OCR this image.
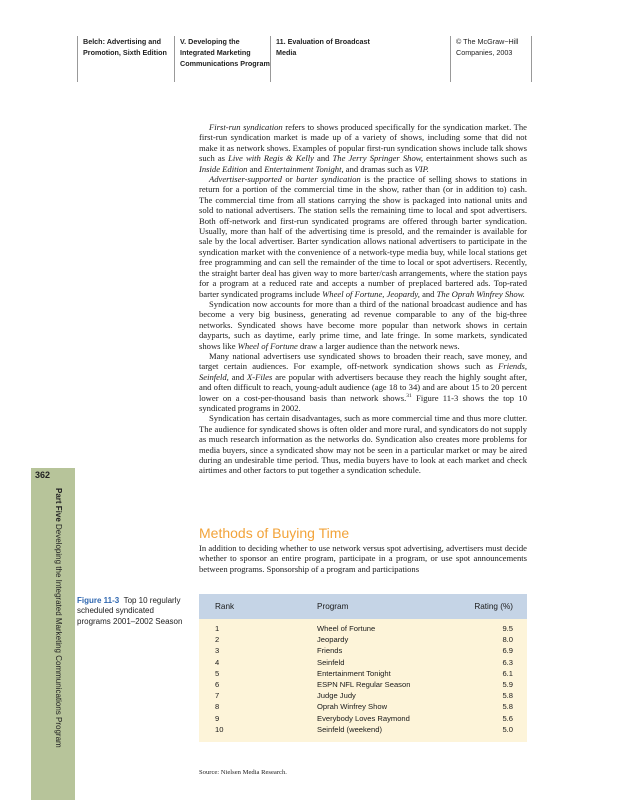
Belch: Advertising and
Promotion, Sixth Edition
V. Developing the
Integrated Marketing
Communications Program
11. Evaluation of Broadcast
Media
© The McGraw−Hill
Companies, 2003
362
Part Five Developing the Integrated Marketing Communications Program

First-run syndication refers to shows produced specifically for the syndication market. The first-run syndication market is made up of a variety of shows, including some that did not make it as network shows. Examples of popular first-run syndication shows include talk shows such as Live with Regis & Kelly and The Jerry Springer Show, entertainment shows such as Inside Edition and Entertainment Tonight, and dramas such as VIP.

Advertiser-supported or barter syndication is the practice of selling shows to stations in return for a portion of the commercial time in the show, rather than (or in addition to) cash. The commercial time from all stations carrying the show is packaged into national units and sold to national advertisers. The station sells the remaining time to local and spot advertisers. Both off-network and first-run syndicated programs are offered through barter syndication. Usually, more than half of the advertising time is presold, and the remainder is available for sale by the local advertiser. Barter syndication allows national advertisers to participate in the syndication market with the convenience of a network-type media buy, while local stations get free programming and can sell the remainder of the time to local or spot advertisers. Recently, the straight barter deal has given way to more barter/cash arrangements, where the station pays for a program at a reduced rate and accepts a number of preplaced bartered ads. Top-rated barter syndicated programs include Wheel of Fortune, Jeopardy, and The Oprah Winfrey Show.

Syndication now accounts for more than a third of the national broadcast audience and has become a very big business, generating ad revenue comparable to any of the big-three networks. Syndicated shows have become more popular than network shows in certain dayparts, such as daytime, early prime time, and late fringe. In some markets, syndicated shows like Wheel of Fortune draw a larger audience than the network news.

Many national advertisers use syndicated shows to broaden their reach, save money, and target certain audiences. For example, off-network syndication shows such as Friends, Seinfeld, and X-Files are popular with advertisers because they reach the highly sought after, and often difficult to reach, young-adult audience (age 18 to 34) and are about 15 to 20 percent lower on a cost-per-thousand basis than network shows.$^{31}$ Figure 11-3 shows the top 10 syndicated programs in 2002.

Syndication has certain disadvantages, such as more commercial time and thus more clutter. The audience for syndicated shows is often older and more rural, and syndicators do not supply as much research information as the networks do. Syndication also creates more problems for media buyers, since a syndicated show may not be seen in a particular market or may be aired during an undesirable time period. Thus, media buyers have to look at each market and check airtimes and other factors to put together a syndication schedule.

Methods of Buying Time

In addition to deciding whether to use network versus spot advertising, advertisers must decide whether to sponsor an entire program, participate in a program, or use spot announcements between programs. Sponsorship of a program and participations

Figure 11-3 Top 10 regularly scheduled syndicated programs 2001–2002 Season
Rank	Program	Rating (%)
1	Wheel of Fortune	9.5
2	Jeopardy	8.0
3	Friends	6.9
4	Seinfeld	6.3
5	Entertainment Tonight	6.1
6	ESPN NFL Regular Season	5.9
7	Judge Judy	5.8
8	Oprah Winfrey Show	5.8
9	Everybody Loves Raymond	5.6
10	Seinfeld (weekend)	5.0
Source: Nielsen Media Research.
